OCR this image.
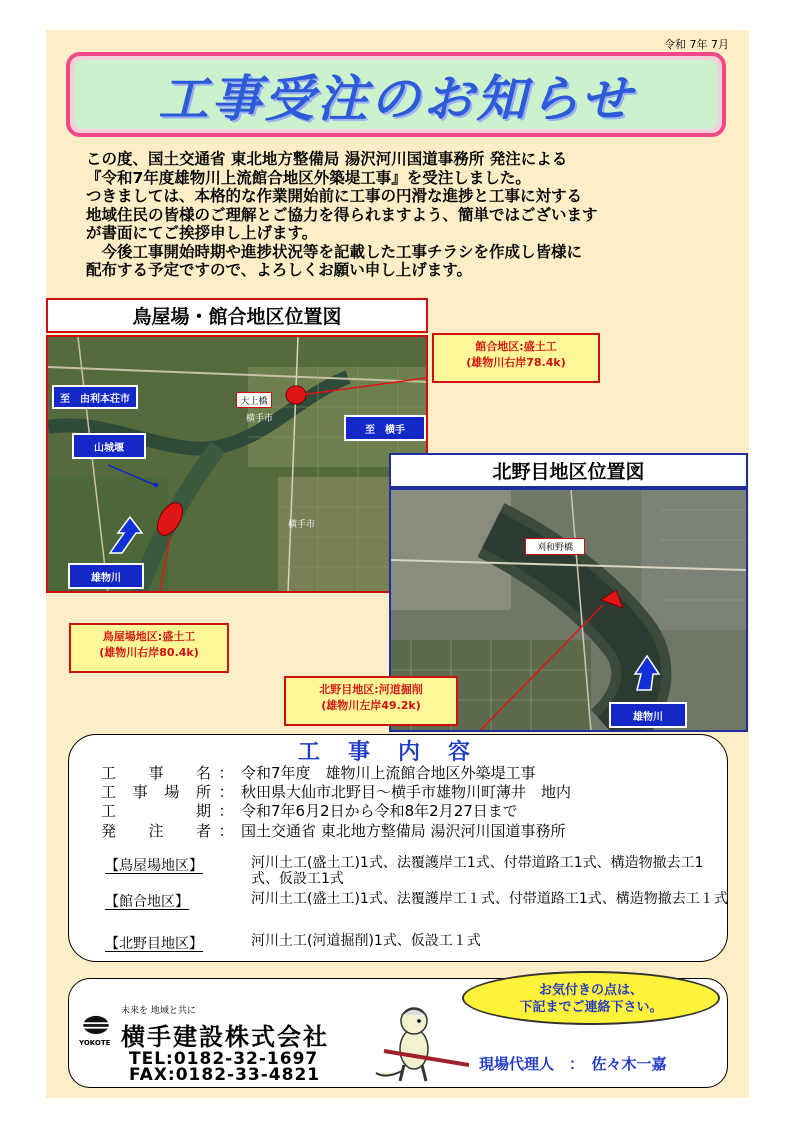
令和 7年 7月
工事受注のお知らせ
この度、国土交通省 東北地方整備局 湯沢河川国道事務所 発注による
『令和7年度雄物川上流館合地区外築堤工事』を受注しました。
つきましては、本格的な作業開始前に工事の円滑な進捗と工事に対する
地域住民の皆様のご理解とご協力を得られますよう、簡単ではございます
が書面にてご挨拶申し上げます。
　今後工事開始時期や進捗状況等を記載した工事チラシを作成し皆様に
配布する予定ですので、よろしくお願い申し上げます。
鳥屋場・館合地区位置図
横手市
横手市
至　由利本荘市	大上橋
至　横手
山城堰
雄物川
館合地区:盛土工
(雄物川右岸78.4k)
北野目地区位置図
刈和野橋
雄物川
鳥屋場地区:盛土工
(雄物川右岸80.4k)
北野目地区:河道掘削
(雄物川左岸49.2k)
工事内容
工 事 名 ： 令和7年度　雄物川上流館合地区外築堤工事
工 事 場 所 ： 秋田県大仙市北野目～横手市雄物川町薄井　地内
工	期 ： 令和7年6月2日から令和8年2月27日まで
発 注 者 ： 国土交通省 東北地方整備局 湯沢河川国道事務所
【鳥屋場地区】	河川土工(盛土工)1式、法覆護岸工1式、付帯道路工1式、構造物撤去工1式、仮設工1式
【館合地区】	河川土工(盛土工)1式、法覆護岸工１式、付帯道路工1式、構造物撤去工１式
【北野目地区】	河川土工(河道掘削)1式、仮設工１式
YOKOTE
未来を 地域と共に
横手建設株式会社
TEL:0182-32-1697
FAX:0182-33-4821
お気付きの点は、
下記までご連絡下さい。
現場代理人　：　佐々木一嘉
